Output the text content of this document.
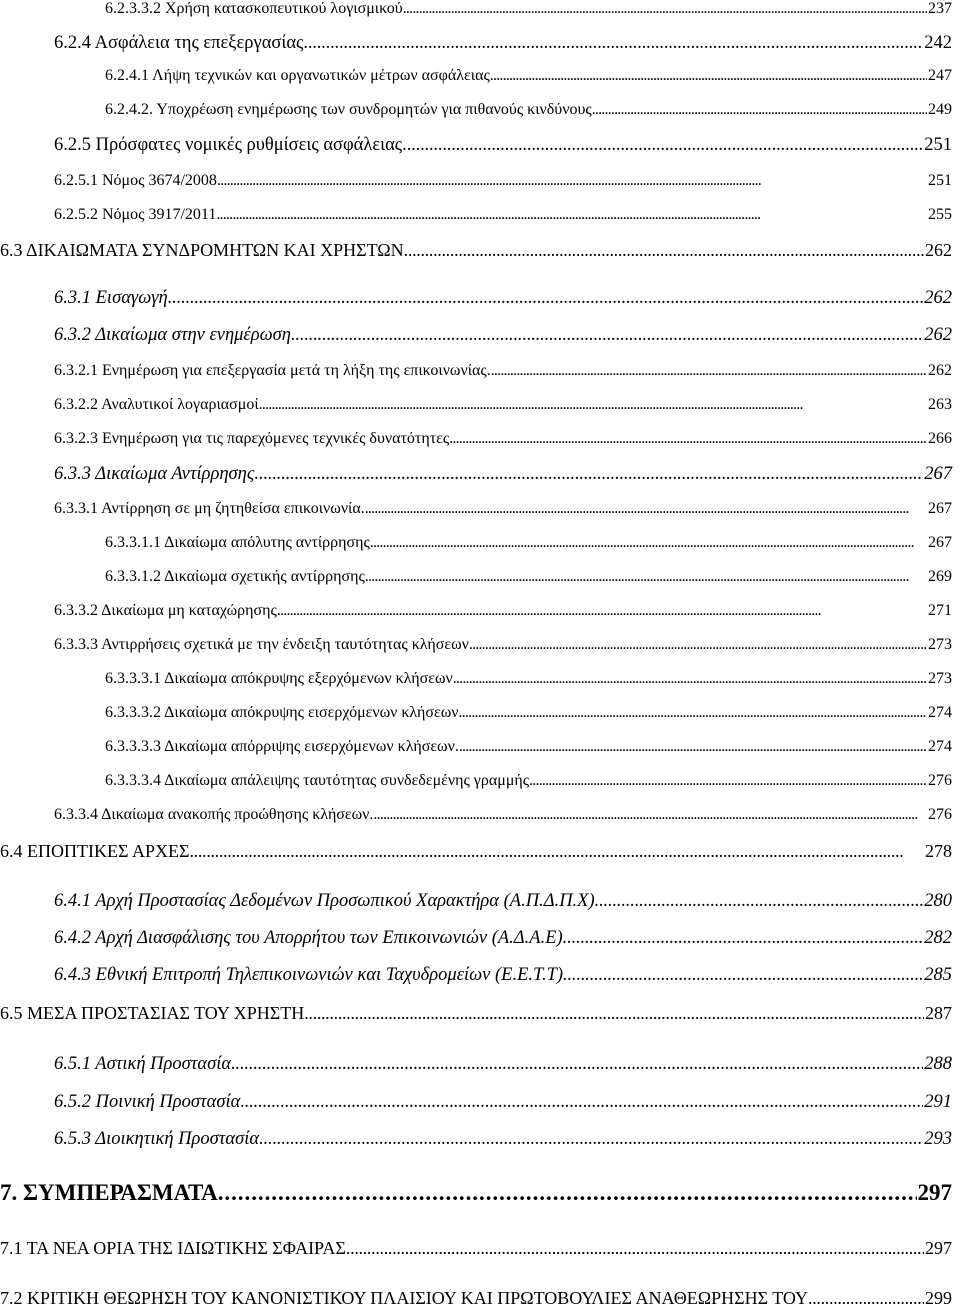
6.2.3.3.2 Χρήση κατασκοπευτικού λογισμικού . . .	237
6.2.4 Ασφάλεια της επεξεργασίας . . .	242
6.2.4.1 Λήψη τεχνικών και οργανωτικών μέτρων ασφάλειας . . .	247
6.2.4.2. Υποχρέωση ενημέρωσης των συνδρομητών για πιθανούς κινδύνους . . .	249
6.2.5 Πρόσφατες νομικές ρυθμίσεις ασφάλειας. . . .	251
6.2.5.1 Νόμος 3674/2008 . . .	251
6.2.5.2 Νόμος 3917/2011 . . .	255
6.3 ΔΙΚΑΙΩΜΑΤΑ ΣΥΝΔΡΟΜΗΤΩΝ ΚΑΙ ΧΡΗΣΤΩΝ . . .	262
6.3.1 Εισαγωγή . . .	262
6.3.2 Δικαίωμα στην ενημέρωση . . .	262
6.3.2.1 Ενημέρωση για επεξεργασία μετά τη λήξη της επικοινωνίας. . . .	262
6.3.2.2 Αναλυτικοί λογαριασμοί . . .	263
6.3.2.3 Ενημέρωση για τις παρεχόμενες τεχνικές δυνατότητες . . .	266
6.3.3 Δικαίωμα Αντίρρησης. . . .	267
6.3.3.1 Αντίρρηση σε μη ζητηθείσα επικοινωνία. . . .	267
6.3.3.1.1 Δικαίωμα απόλυτης αντίρρησης . . .	267
6.3.3.1.2 Δικαίωμα σχετικής αντίρρησης . . .	269
6.3.3.2 Δικαίωμα μη καταχώρησης . . .	271
6.3.3.3 Αντιρρήσεις σχετικά με την ένδειξη ταυτότητας κλήσεων . . .	273
6.3.3.3.1 Δικαίωμα απόκρυψης εξερχόμενων κλήσεων . . .	273
6.3.3.3.2 Δικαίωμα απόκρυψης εισερχόμενων κλήσεων . . .	274
6.3.3.3.3 Δικαίωμα απόρριψης εισερχόμενων κλήσεων. . . .	274
6.3.3.3.4 Δικαίωμα απάλειψης ταυτότητας συνδεδεμένης γραμμής . . .	276
6.3.3.4 Δικαίωμα ανακοπής προώθησης κλήσεων. . . .	276
6.4 ΕΠΟΠΤΙΚΕΣ ΑΡΧΕΣ . . .	278
6.4.1 Αρχή Προστασίας Δεδομένων Προσωπικού Χαρακτήρα (Α.Π.Δ.Π.Χ) . . .	280
6.4.2 Αρχή Διασφάλισης του Απορρήτου των Επικοινωνιών (Α.Δ.Α.Ε) . . .	282
6.4.3 Εθνική Επιτροπή Τηλεπικοινωνιών και Ταχυδρομείων (Ε.Ε.Τ.Τ) . . .	285
6.5 ΜΕΣΑ ΠΡΟΣΤΑΣΙΑΣ ΤΟΥ ΧΡΗΣΤΗ . . .	287
6.5.1 Αστική Προστασία . . .	288
6.5.2 Ποινική Προστασία . . .	291
6.5.3 Διοικητική Προστασία . . .	293
7. ΣΥΜΠΕΡΑΣΜΑΤΑ . . .	297
7.1 ΤΑ ΝΕΑ ΟΡΙΑ ΤΗΣ ΙΔΙΩΤΙΚΗΣ ΣΦΑΙΡΑΣ . . .	297
7.2 ΚΡΙΤΙΚΗ ΘΕΩΡΗΣΗ ΤΟΥ ΚΑΝΟΝΙΣΤΙΚΟΥ ΠΛΑΙΣΙΟΥ ΚΑΙ ΠΡΩΤΟΒΟΥΛΙΕΣ ΑΝΑΘΕΩΡΗΣΗΣ ΤΟΥ . . .	299
